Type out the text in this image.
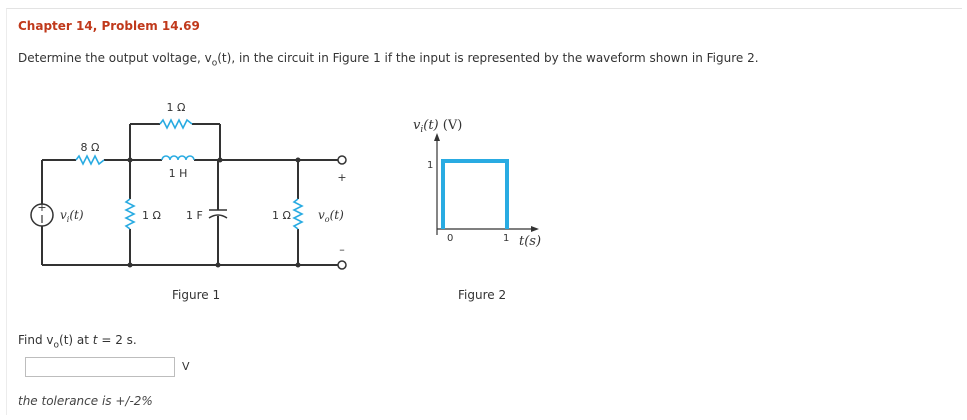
Chapter 14, Problem 14.69
Determine the output voltage, $v_o(t)$, in the circuit in Figure 1 if the input is represented by the waveform shown in Figure 2.
+
1 Ω
8 Ω
1 H
1 Ω 1 F	1 Ω
+
–
$v_i(t)$	$v_o(t)$
Figure 1
$v_i(t)$ (V)
1
0	1 t(s)
Figure 2
Find $v_o(t)$ at t = 2 s.
V
the tolerance is +/-2%
